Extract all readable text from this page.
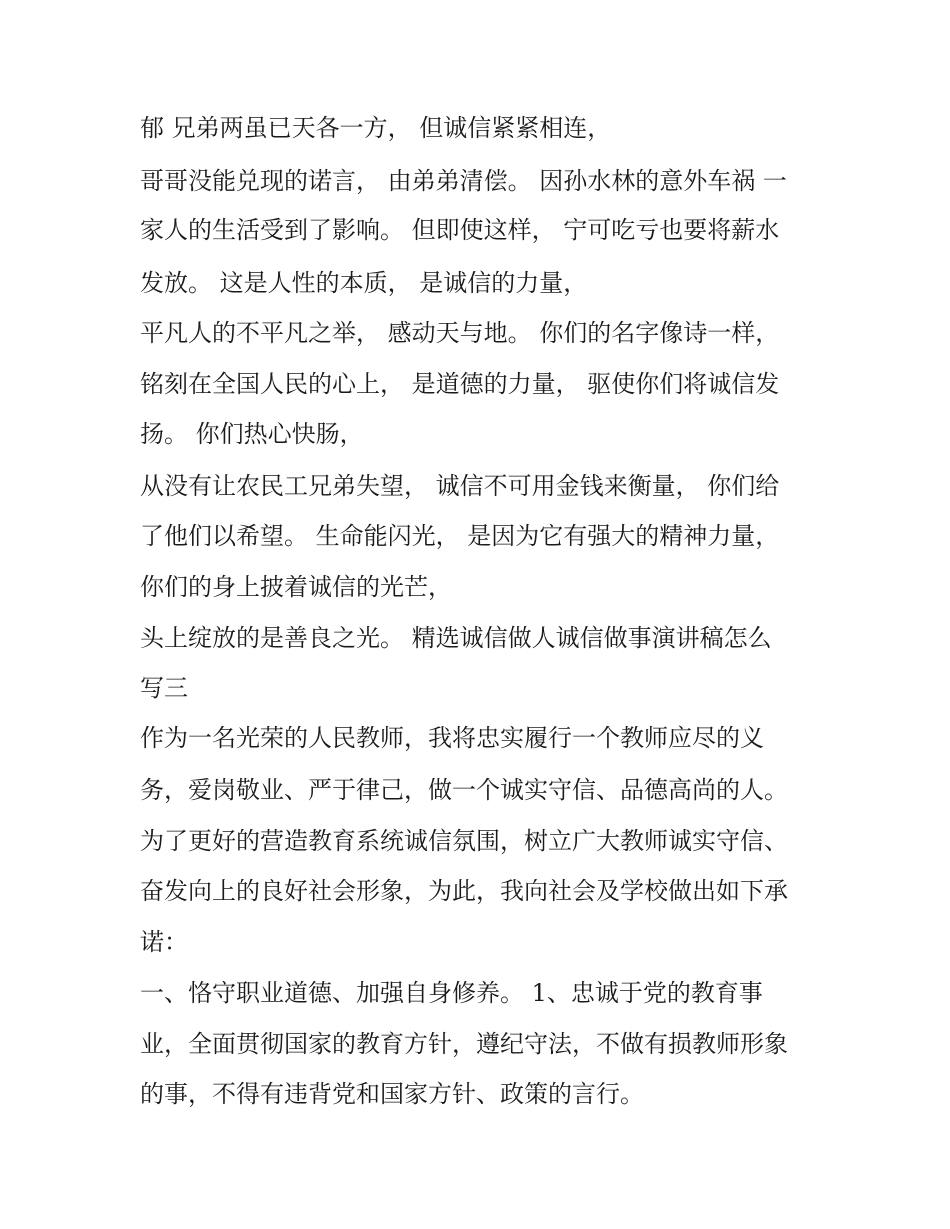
郁 兄弟两虽已天各一方， 但诚信紧紧相连，

哥哥没能兑现的诺言， 由弟弟清偿。 因孙水林的意外车祸 一

家人的生活受到了影响。 但即使这样， 宁可吃亏也要将薪水

发放。 这是人性的本质， 是诚信的力量，

平凡人的不平凡之举， 感动天与地。 你们的名字像诗一样，

铭刻在全国人民的心上， 是道德的力量， 驱使你们将诚信发

扬。 你们热心快肠，

从没有让农民工兄弟失望， 诚信不可用金钱来衡量， 你们给

了他们以希望。 生命能闪光， 是因为它有强大的精神力量，

你们的身上披着诚信的光芒，

头上绽放的是善良之光。 精选诚信做人诚信做事演讲稿怎么

写三

作为一名光荣的人民教师，我将忠实履行一个教师应尽的义

务，爱岗敬业、严于律己，做一个诚实守信、品德高尚的人。

为了更好的营造教育系统诚信氛围，树立广大教师诚实守信、

奋发向上的良好社会形象，为此，我向社会及学校做出如下承

诺：

一、恪守职业道德、加强自身修养。 1、忠诚于党的教育事

业，全面贯彻国家的教育方针，遵纪守法，不做有损教师形象

的事，不得有违背党和国家方针、政策的言行。
